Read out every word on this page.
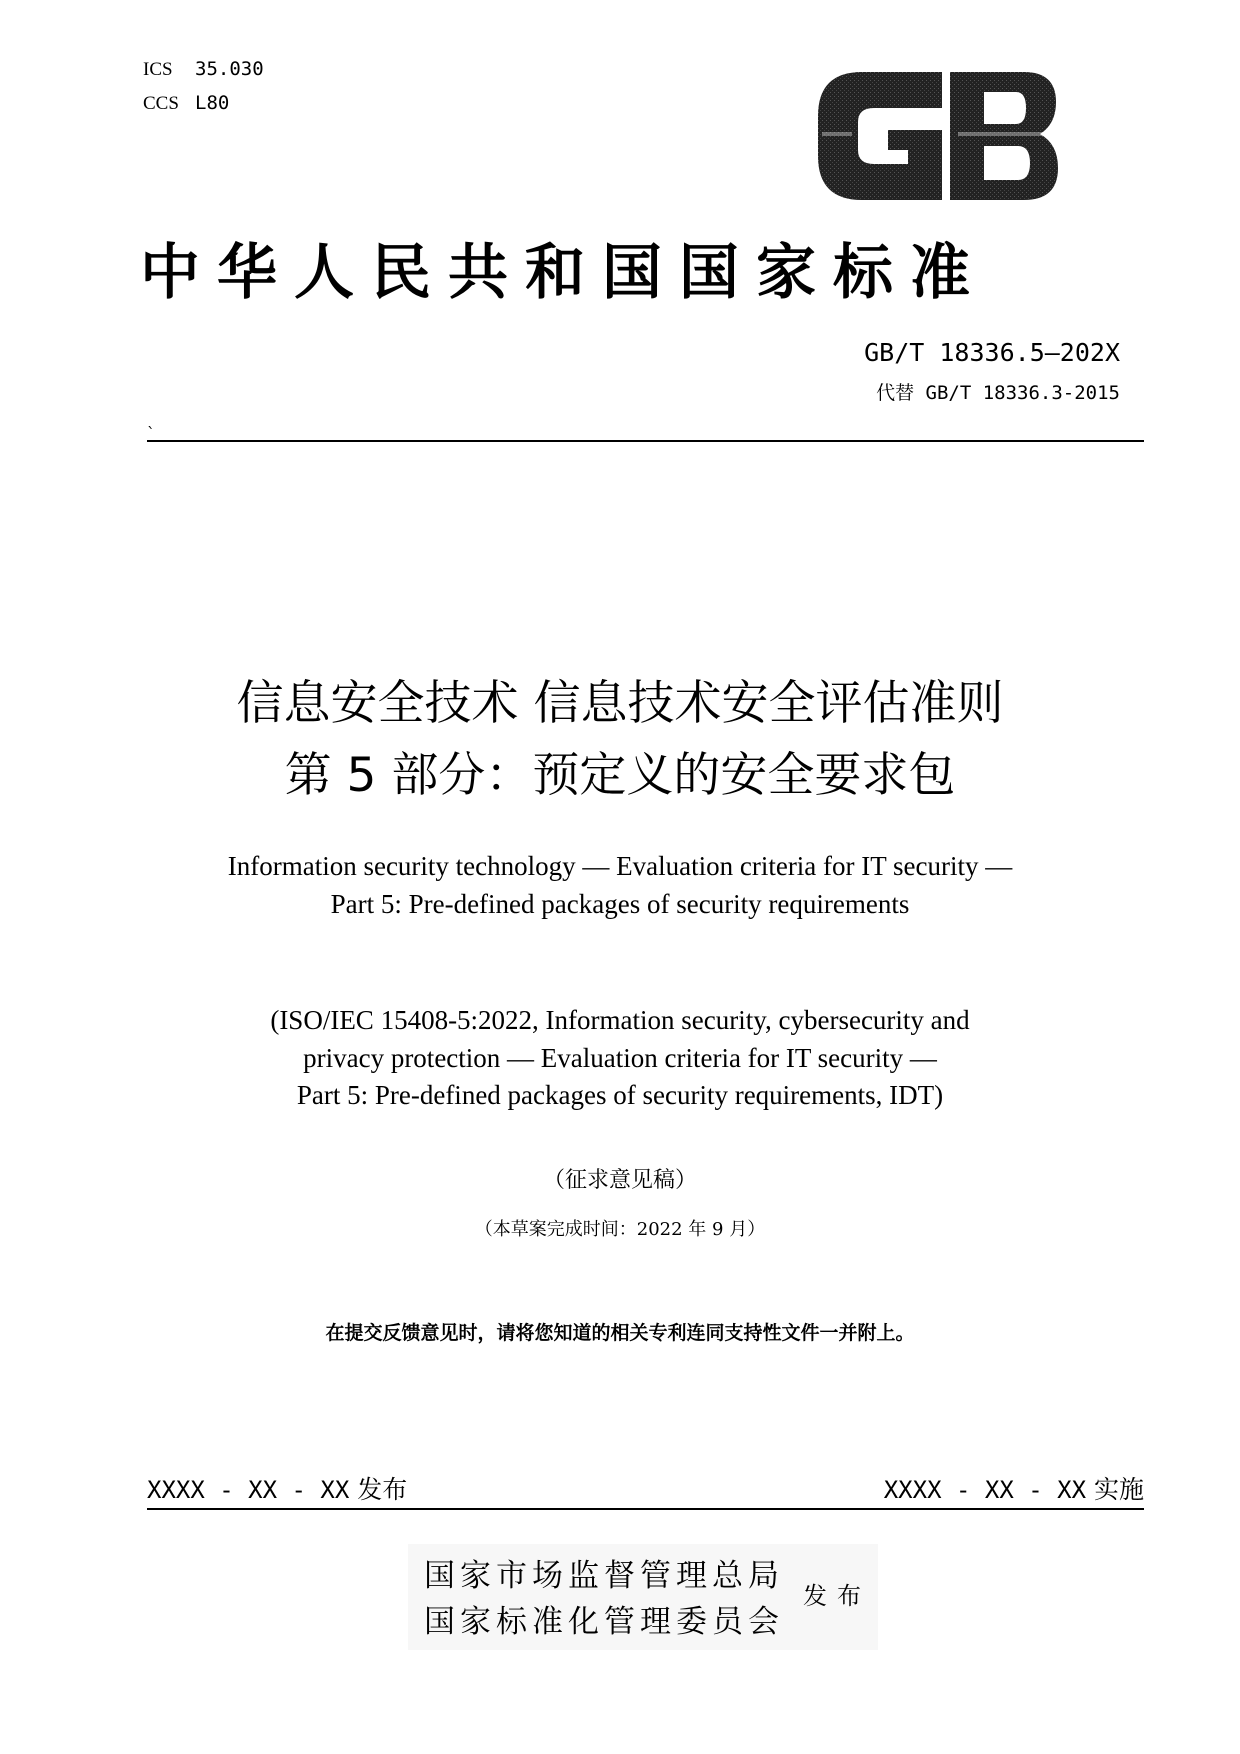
ICS 35.030
CCS L80
中华人民共和国国家标准
GB/T 18336.5—202X
代替 GB/T 18336.3-2015
`
信息安全技术 信息技术安全评估准则
第 5 部分：预定义的安全要求包
Information security technology — Evaluation criteria for IT security —
Part 5: Pre-defined packages of security requirements
(ISO/IEC 15408-5:2022, Information security, cybersecurity and
privacy protection — Evaluation criteria for IT security —
Part 5: Pre-defined packages of security requirements, IDT)
（征求意见稿）
（本草案完成时间：2022 年 9 月）
在提交反馈意见时，请将您知道的相关专利连同支持性文件一并附上。
XXXX - XX - XX 发布	XXXX - XX - XX 实施
国家市场监督管理总局
国家标准化管理委员会
发布
